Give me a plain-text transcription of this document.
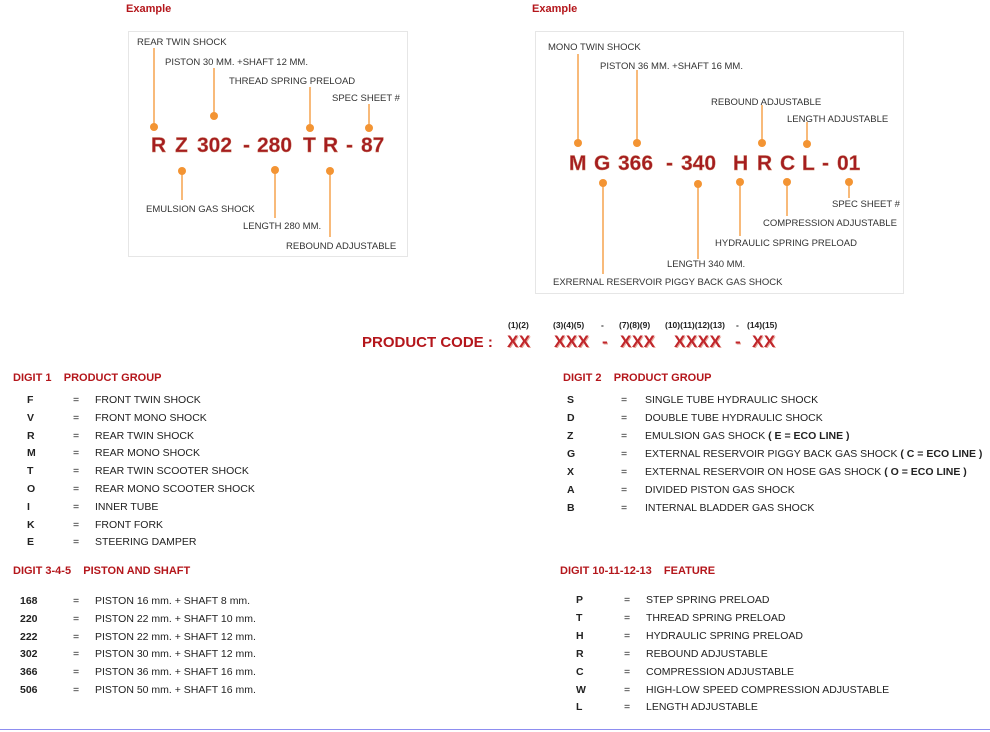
Example	Example
REAR TWIN SHOCK
PISTON 30 MM. +SHAFT 12 MM.
THREAD SPRING PRELOAD
SPEC SHEET #
R Z 302 - 280 T R - 87
EMULSION GAS SHOCK
LENGTH 280 MM.
REBOUND ADJUSTABLE
MONO TWIN SHOCK
PISTON 36 MM. +SHAFT 16 MM.
REBOUND ADJUSTABLE
LENGTH ADJUSTABLE
M G 366 - 340 H R C L - 01
SPEC SHEET #
COMPRESSION ADJUSTABLE
HYDRAULIC SPRING PRELOAD
LENGTH 340 MM.
EXRERNAL RESERVOIR PIGGY BACK GAS SHOCK
(1)(2)	(3)(4)(5) - (7)(8)(9) (10)(11)(12)(13) - (14)(15)
PRODUCT CODE : XX XXX - XXX XXXX - XX
DIGIT 1    PRODUCT GROUP	DIGIT 2    PRODUCT GROUP
DIGIT 3-4-5    PISTON AND SHAFT	DIGIT 10-11-12-13    FEATURE
F	= FRONT TWIN SHOCK
V	= FRONT MONO SHOCK
R	= REAR TWIN SHOCK
M	= REAR MONO SHOCK
T	= REAR TWIN SCOOTER SHOCK
O	= REAR MONO SCOOTER SHOCK
I	= INNER TUBE
K	= FRONT FORK
E	= STEERING DAMPER
S	= SINGLE TUBE HYDRAULIC SHOCK
D	= DOUBLE TUBE HYDRAULIC SHOCK
Z	= EMULSION GAS SHOCK ( E = ECO LINE )
G	= EXTERNAL RESERVOIR PIGGY BACK GAS SHOCK ( C = ECO LINE )
X	= EXTERNAL RESERVOIR ON HOSE GAS SHOCK ( O = ECO LINE )
A	= DIVIDED PISTON GAS SHOCK
B	= INTERNAL BLADDER GAS SHOCK
168	= PISTON 16 mm. + SHAFT 8 mm.
220	= PISTON 22 mm. + SHAFT 10 mm.
222	= PISTON 22 mm. + SHAFT 12 mm.
302	= PISTON 30 mm. + SHAFT 12 mm.
366	= PISTON 36 mm. + SHAFT 16 mm.
506	= PISTON 50 mm. + SHAFT 16 mm.
P	= STEP SPRING PRELOAD
T	= THREAD SPRING PRELOAD
H	= HYDRAULIC SPRING PRELOAD
R	= REBOUND ADJUSTABLE
C	= COMPRESSION ADJUSTABLE
W	= HIGH-LOW SPEED COMPRESSION ADJUSTABLE
L	= LENGTH ADJUSTABLE
